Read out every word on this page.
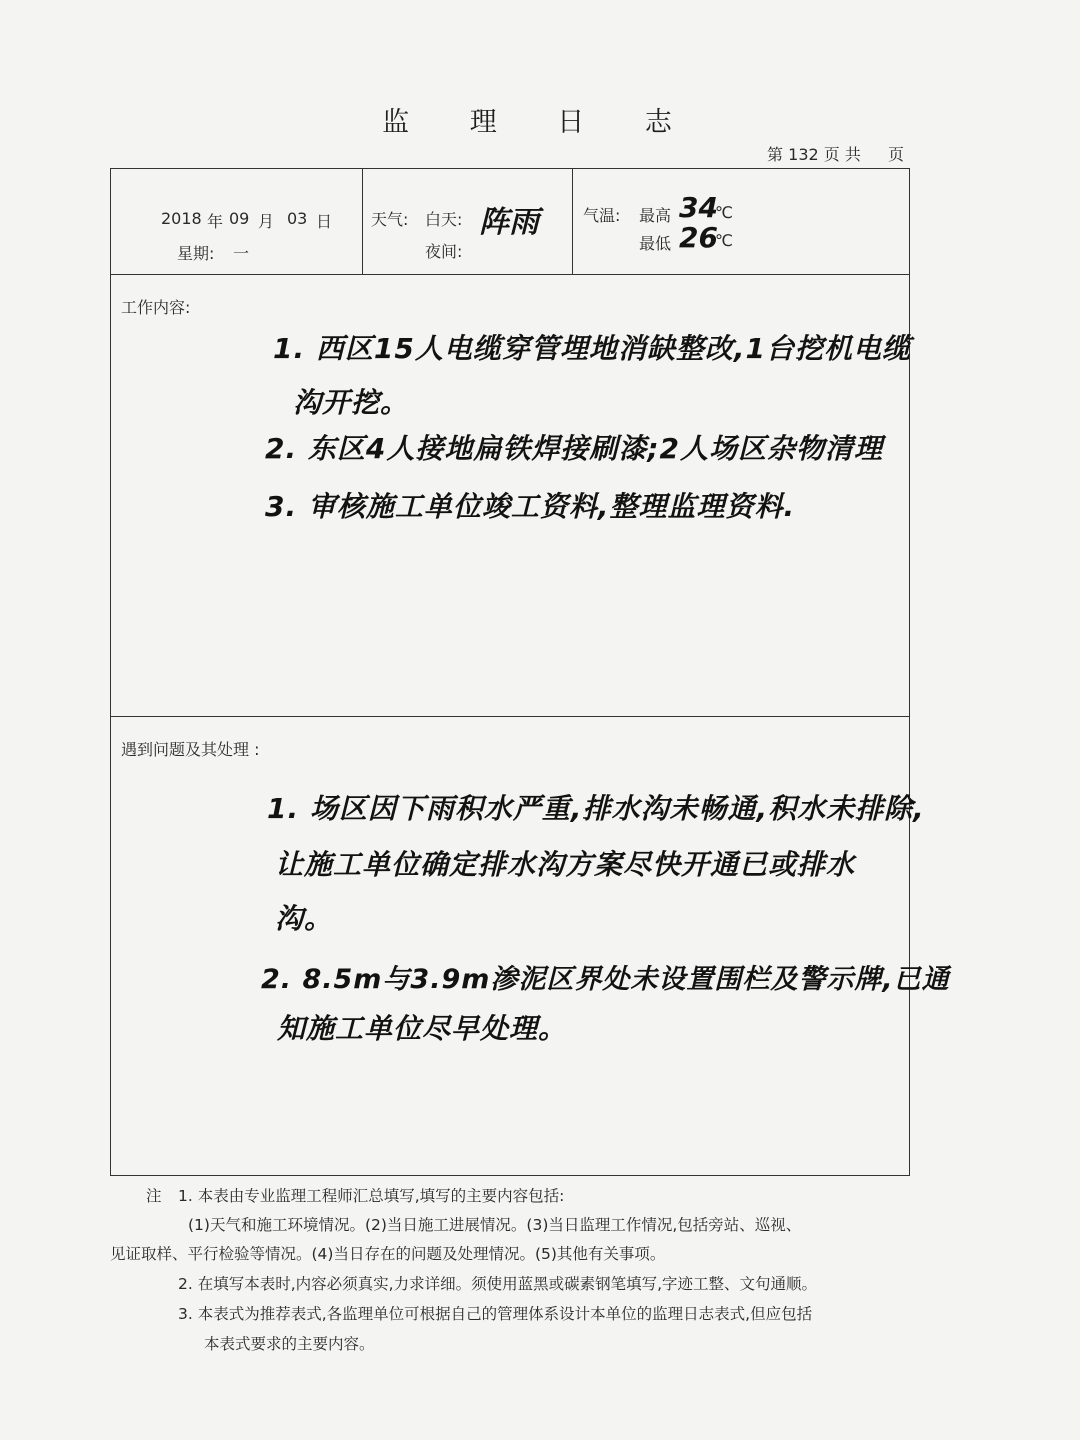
监 理 日 志
第 132 页 共 页
2018 年 09 月 03 日
星期: 一
天气: 白天: 阵雨
夜间:
气温: 最高 34
℃
最低 26
℃
工作内容:
1. 西区15人电缆穿管埋地消缺整改,1台挖机电缆
沟开挖。
2. 东区4人接地扁铁焊接刷漆;2人场区杂物清理
3. 审核施工单位竣工资料,整理监理资料.
遇到问题及其处理 :
1. 场区因下雨积水严重,排水沟未畅通,积水未排除,
让施工单位确定排水沟方案尽快开通已或排水
沟。
2. 8.5m与3.9m渗泥区界处未设置围栏及警示牌,已通
知施工单位尽早处理。
注 1. 本表由专业监理工程师汇总填写,填写的主要内容包括:
(1)天气和施工环境情况。(2)当日施工进展情况。(3)当日监理工作情况,包括旁站、巡视、
见证取样、平行检验等情况。(4)当日存在的问题及处理情况。(5)其他有关事项。
2. 在填写本表时,内容必须真实,力求详细。须使用蓝黑或碳素钢笔填写,字迹工整、文句通顺。
3. 本表式为推荐表式,各监理单位可根据自己的管理体系设计本单位的监理日志表式,但应包括
本表式要求的主要内容。
